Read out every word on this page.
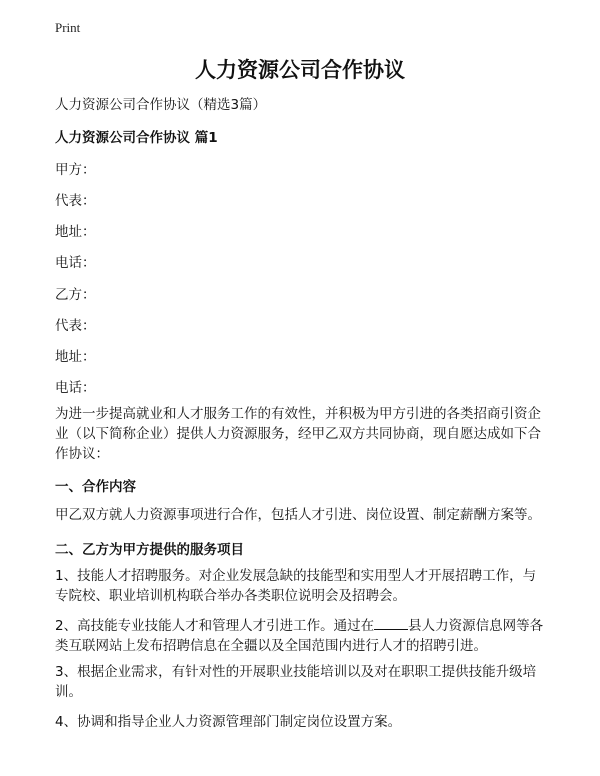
Print
人力资源公司合作协议

人力资源公司合作协议（精选3篇）

人力资源公司合作协议 篇1

甲方：

代表：

地址：

电话：

乙方：

代表：

地址：

电话：

为进一步提高就业和人才服务工作的有效性，并积极为甲方引进的各类招商引资企业（以下简称企业）提供人力资源服务，经甲乙双方共同协商，现自愿达成如下合作协议：

一、合作内容

甲乙双方就人力资源事项进行合作，包括人才引进、岗位设置、制定薪酬方案等。

二、乙方为甲方提供的服务项目

1、技能人才招聘服务。对企业发展急缺的技能型和实用型人才开展招聘工作，与专院校、职业培训机构联合举办各类职位说明会及招聘会。

2、高技能专业技能人才和管理人才引进工作。通过在	县人力资源信息网等各类互联网站上发布招聘信息在全疆以及全国范围内进行人才的招聘引进。

3、根据企业需求，有针对性的开展职业技能培训以及对在职职工提供技能升级培训。

4、协调和指导企业人力资源管理部门制定岗位设置方案。
